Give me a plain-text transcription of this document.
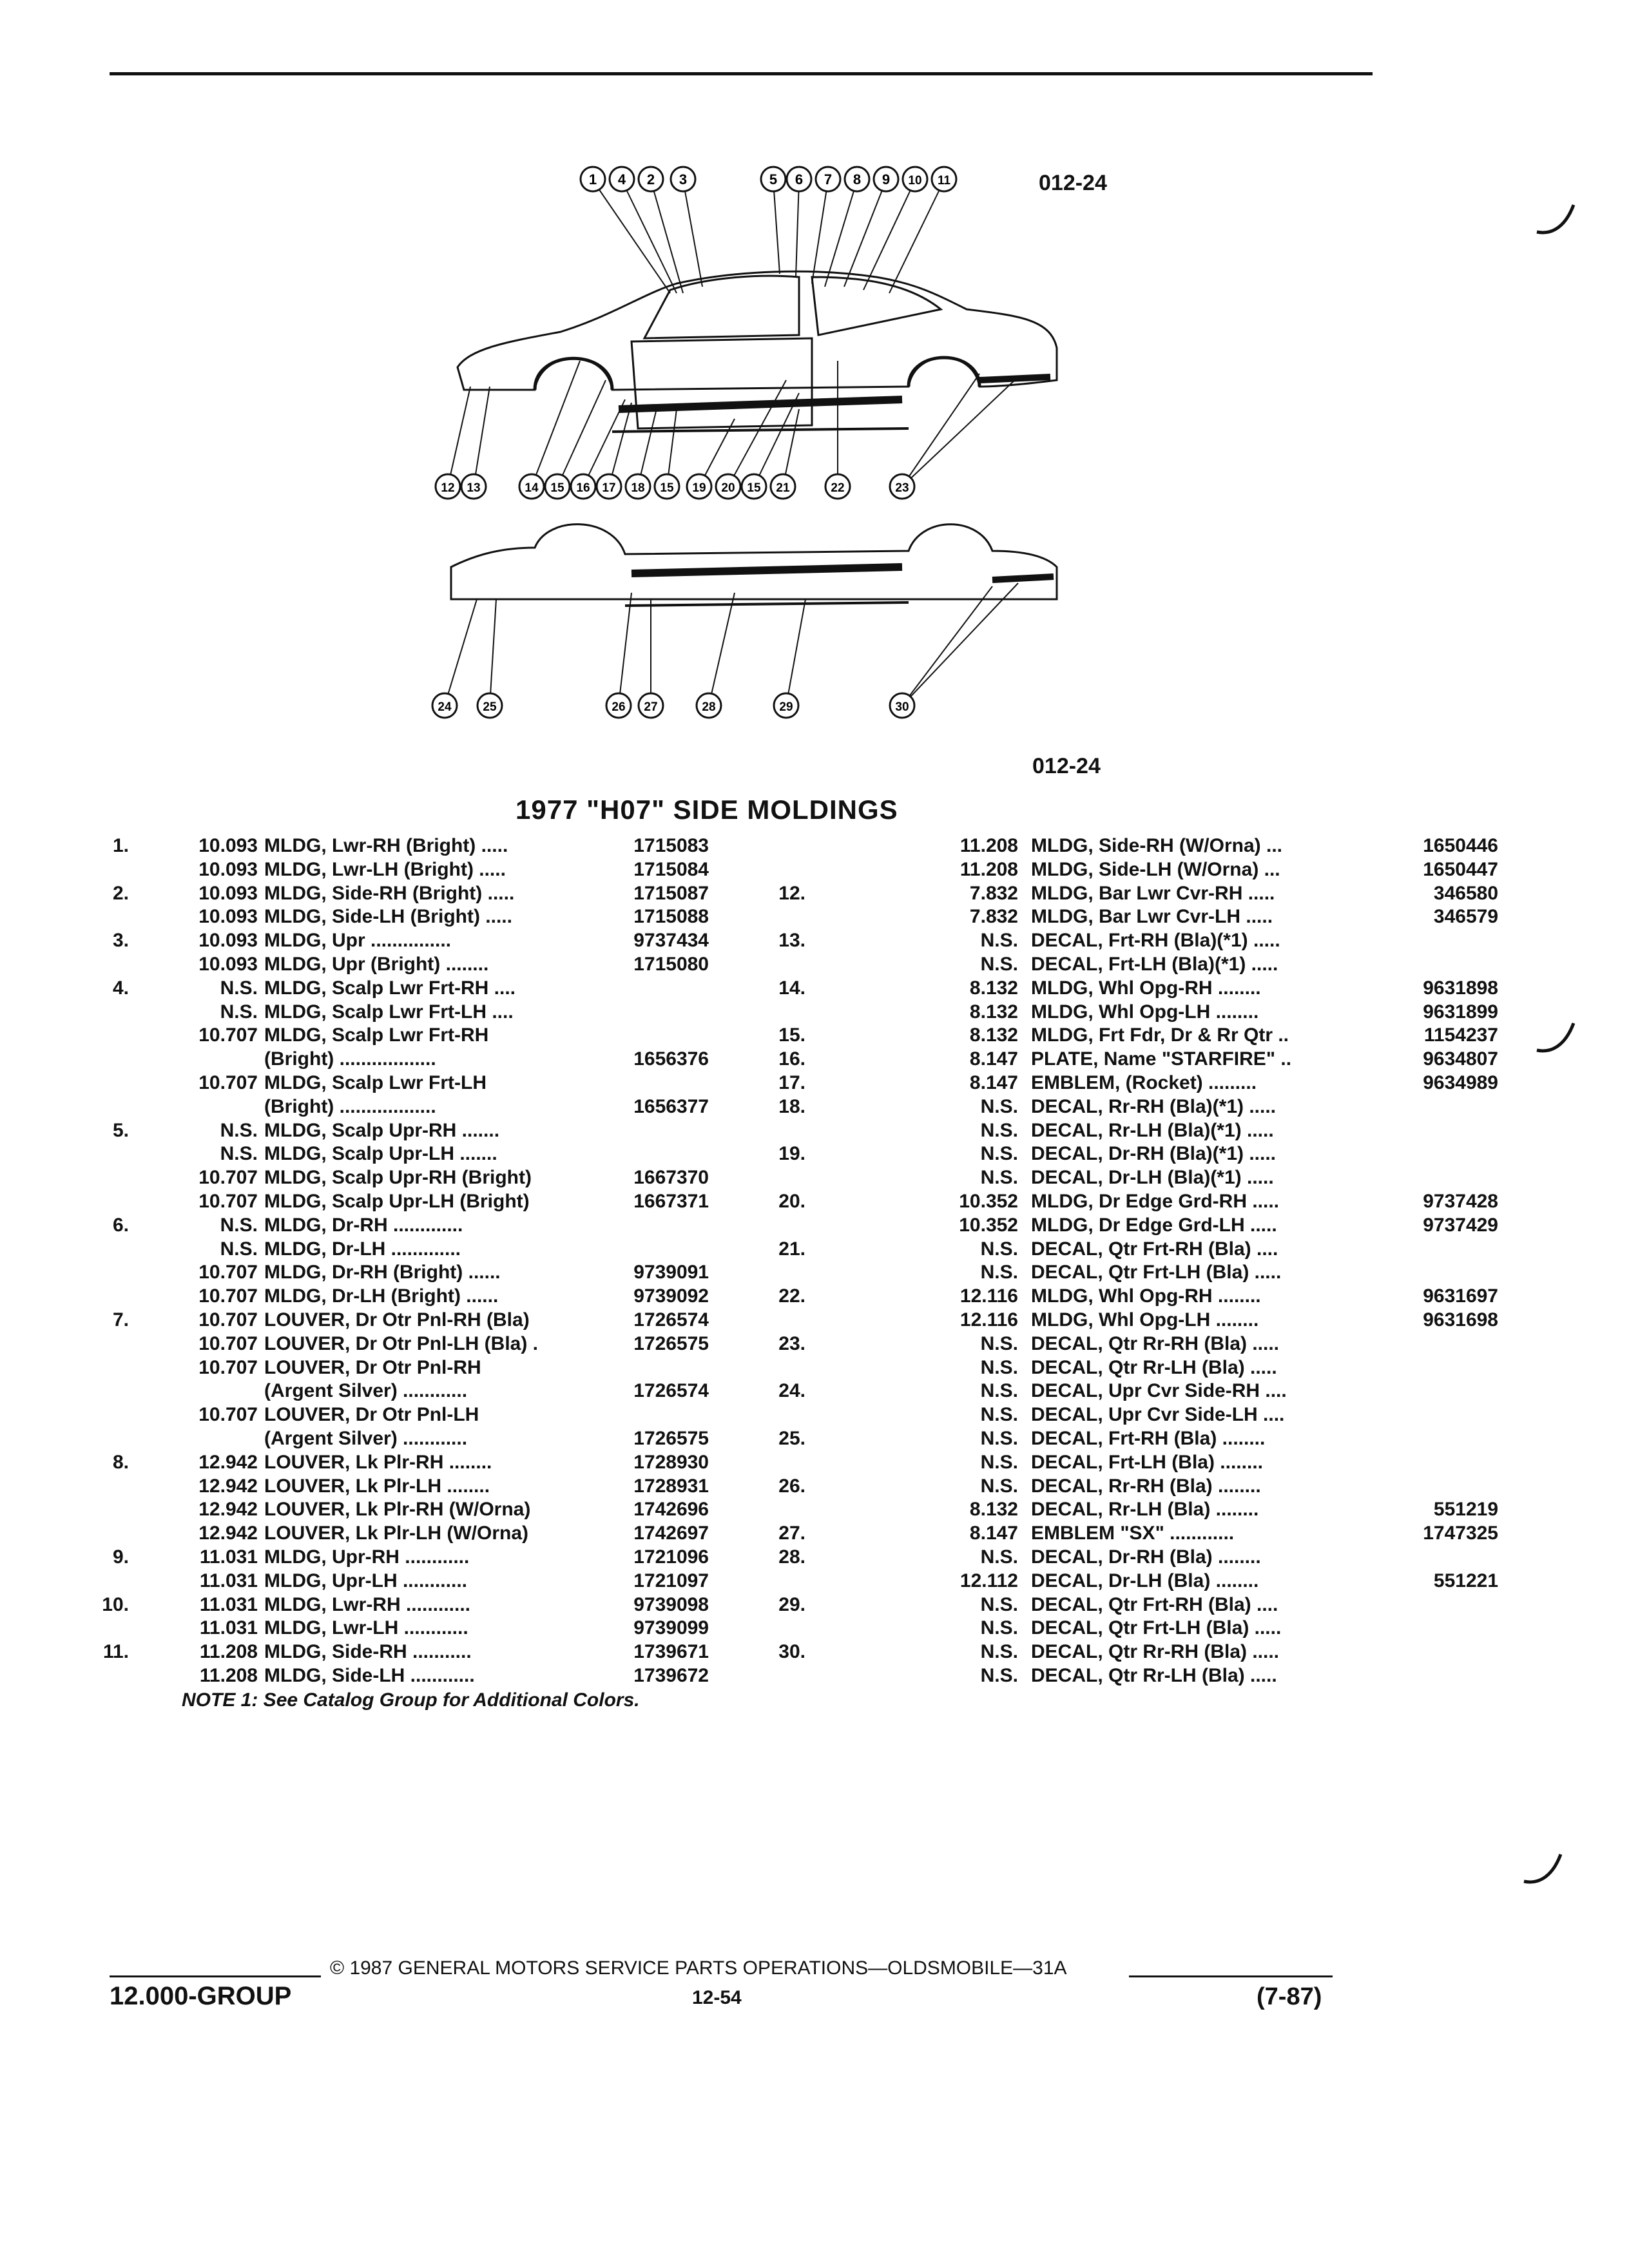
1 4 2 3	5 6 7 8 9 10 11
12 13	14 15 16 17 18 15 19 20 15 21	22	23
24	25	26 27	28	29	30
012-24
012-24
1977 "H07" SIDE MOLDINGS
1.	10.093 MLDG, Lwr-RH (Bright) .....	1715083
10.093 MLDG, Lwr-LH (Bright) .....	1715084
2.	10.093 MLDG, Side-RH (Bright) .....	1715087
10.093 MLDG, Side-LH (Bright) .....	1715088
3.	10.093 MLDG, Upr ...............	9737434
10.093 MLDG, Upr (Bright) ........	1715080
4.	N.S. MLDG, Scalp Lwr Frt-RH ....
N.S. MLDG, Scalp Lwr Frt-LH ....
10.707 MLDG, Scalp Lwr Frt-RH
(Bright) ..................	1656376
10.707 MLDG, Scalp Lwr Frt-LH
(Bright) ..................	1656377
5.	N.S. MLDG, Scalp Upr-RH .......
N.S. MLDG, Scalp Upr-LH .......
10.707 MLDG, Scalp Upr-RH (Bright)	1667370
10.707 MLDG, Scalp Upr-LH (Bright)	1667371
6.	N.S. MLDG, Dr-RH .............
N.S. MLDG, Dr-LH .............
10.707 MLDG, Dr-RH (Bright) ......	9739091
10.707 MLDG, Dr-LH (Bright) ......	9739092
7.	10.707 LOUVER, Dr Otr Pnl-RH (Bla)	1726574
10.707 LOUVER, Dr Otr Pnl-LH (Bla) .	1726575
10.707 LOUVER, Dr Otr Pnl-RH
(Argent Silver) ............	1726574
10.707 LOUVER, Dr Otr Pnl-LH
(Argent Silver) ............	1726575
8.	12.942 LOUVER, Lk Plr-RH ........	1728930
12.942 LOUVER, Lk Plr-LH ........	1728931
12.942 LOUVER, Lk Plr-RH (W/Orna)	1742696
12.942 LOUVER, Lk Plr-LH (W/Orna)	1742697
9.	11.031 MLDG, Upr-RH ............	1721096
11.031 MLDG, Upr-LH ............	1721097
10.	11.031 MLDG, Lwr-RH ............	9739098
11.031 MLDG, Lwr-LH ............	9739099
11.	11.208 MLDG, Side-RH ...........	1739671
11.208 MLDG, Side-LH ............	1739672
11.208 MLDG, Side-RH (W/Orna) ...	1650446
11.208 MLDG, Side-LH (W/Orna) ...	1650447
12.	7.832 MLDG, Bar Lwr Cvr-RH .....	346580
7.832 MLDG, Bar Lwr Cvr-LH .....	346579
13.	N.S. DECAL, Frt-RH (Bla)(*1) .....
N.S. DECAL, Frt-LH (Bla)(*1) .....
14.	8.132 MLDG, Whl Opg-RH ........	9631898
8.132 MLDG, Whl Opg-LH ........	9631899
15.	8.132 MLDG, Frt Fdr, Dr & Rr Qtr ..	1154237
16.	8.147 PLATE, Name "STARFIRE" ..	9634807
17.	8.147 EMBLEM, (Rocket) .........	9634989
18.	N.S. DECAL, Rr-RH (Bla)(*1) .....
N.S. DECAL, Rr-LH (Bla)(*1) .....
19.	N.S. DECAL, Dr-RH (Bla)(*1) .....
N.S. DECAL, Dr-LH (Bla)(*1) .....
20.	10.352 MLDG, Dr Edge Grd-RH .....	9737428
10.352 MLDG, Dr Edge Grd-LH .....	9737429
21.	N.S. DECAL, Qtr Frt-RH (Bla) ....
N.S. DECAL, Qtr Frt-LH (Bla) .....
22.	12.116 MLDG, Whl Opg-RH ........	9631697
12.116 MLDG, Whl Opg-LH ........	9631698
23.	N.S. DECAL, Qtr Rr-RH (Bla) .....
N.S. DECAL, Qtr Rr-LH (Bla) .....
24.	N.S. DECAL, Upr Cvr Side-RH ....
N.S. DECAL, Upr Cvr Side-LH ....
25.	N.S. DECAL, Frt-RH (Bla) ........
N.S. DECAL, Frt-LH (Bla) ........
26.	N.S. DECAL, Rr-RH (Bla) ........
8.132 DECAL, Rr-LH (Bla) ........	551219
27.	8.147 EMBLEM "SX" ............	1747325
28.	N.S. DECAL, Dr-RH (Bla) ........
12.112 DECAL, Dr-LH (Bla) ........	551221
29.	N.S. DECAL, Qtr Frt-RH (Bla) ....
N.S. DECAL, Qtr Frt-LH (Bla) .....
30.	N.S. DECAL, Qtr Rr-RH (Bla) .....
N.S. DECAL, Qtr Rr-LH (Bla) .....
NOTE 1: See Catalog Group for Additional Colors.
© 1987 GENERAL MOTORS SERVICE PARTS OPERATIONS—OLDSMOBILE—31A
12.000-GROUP	12-54	(7-87)
